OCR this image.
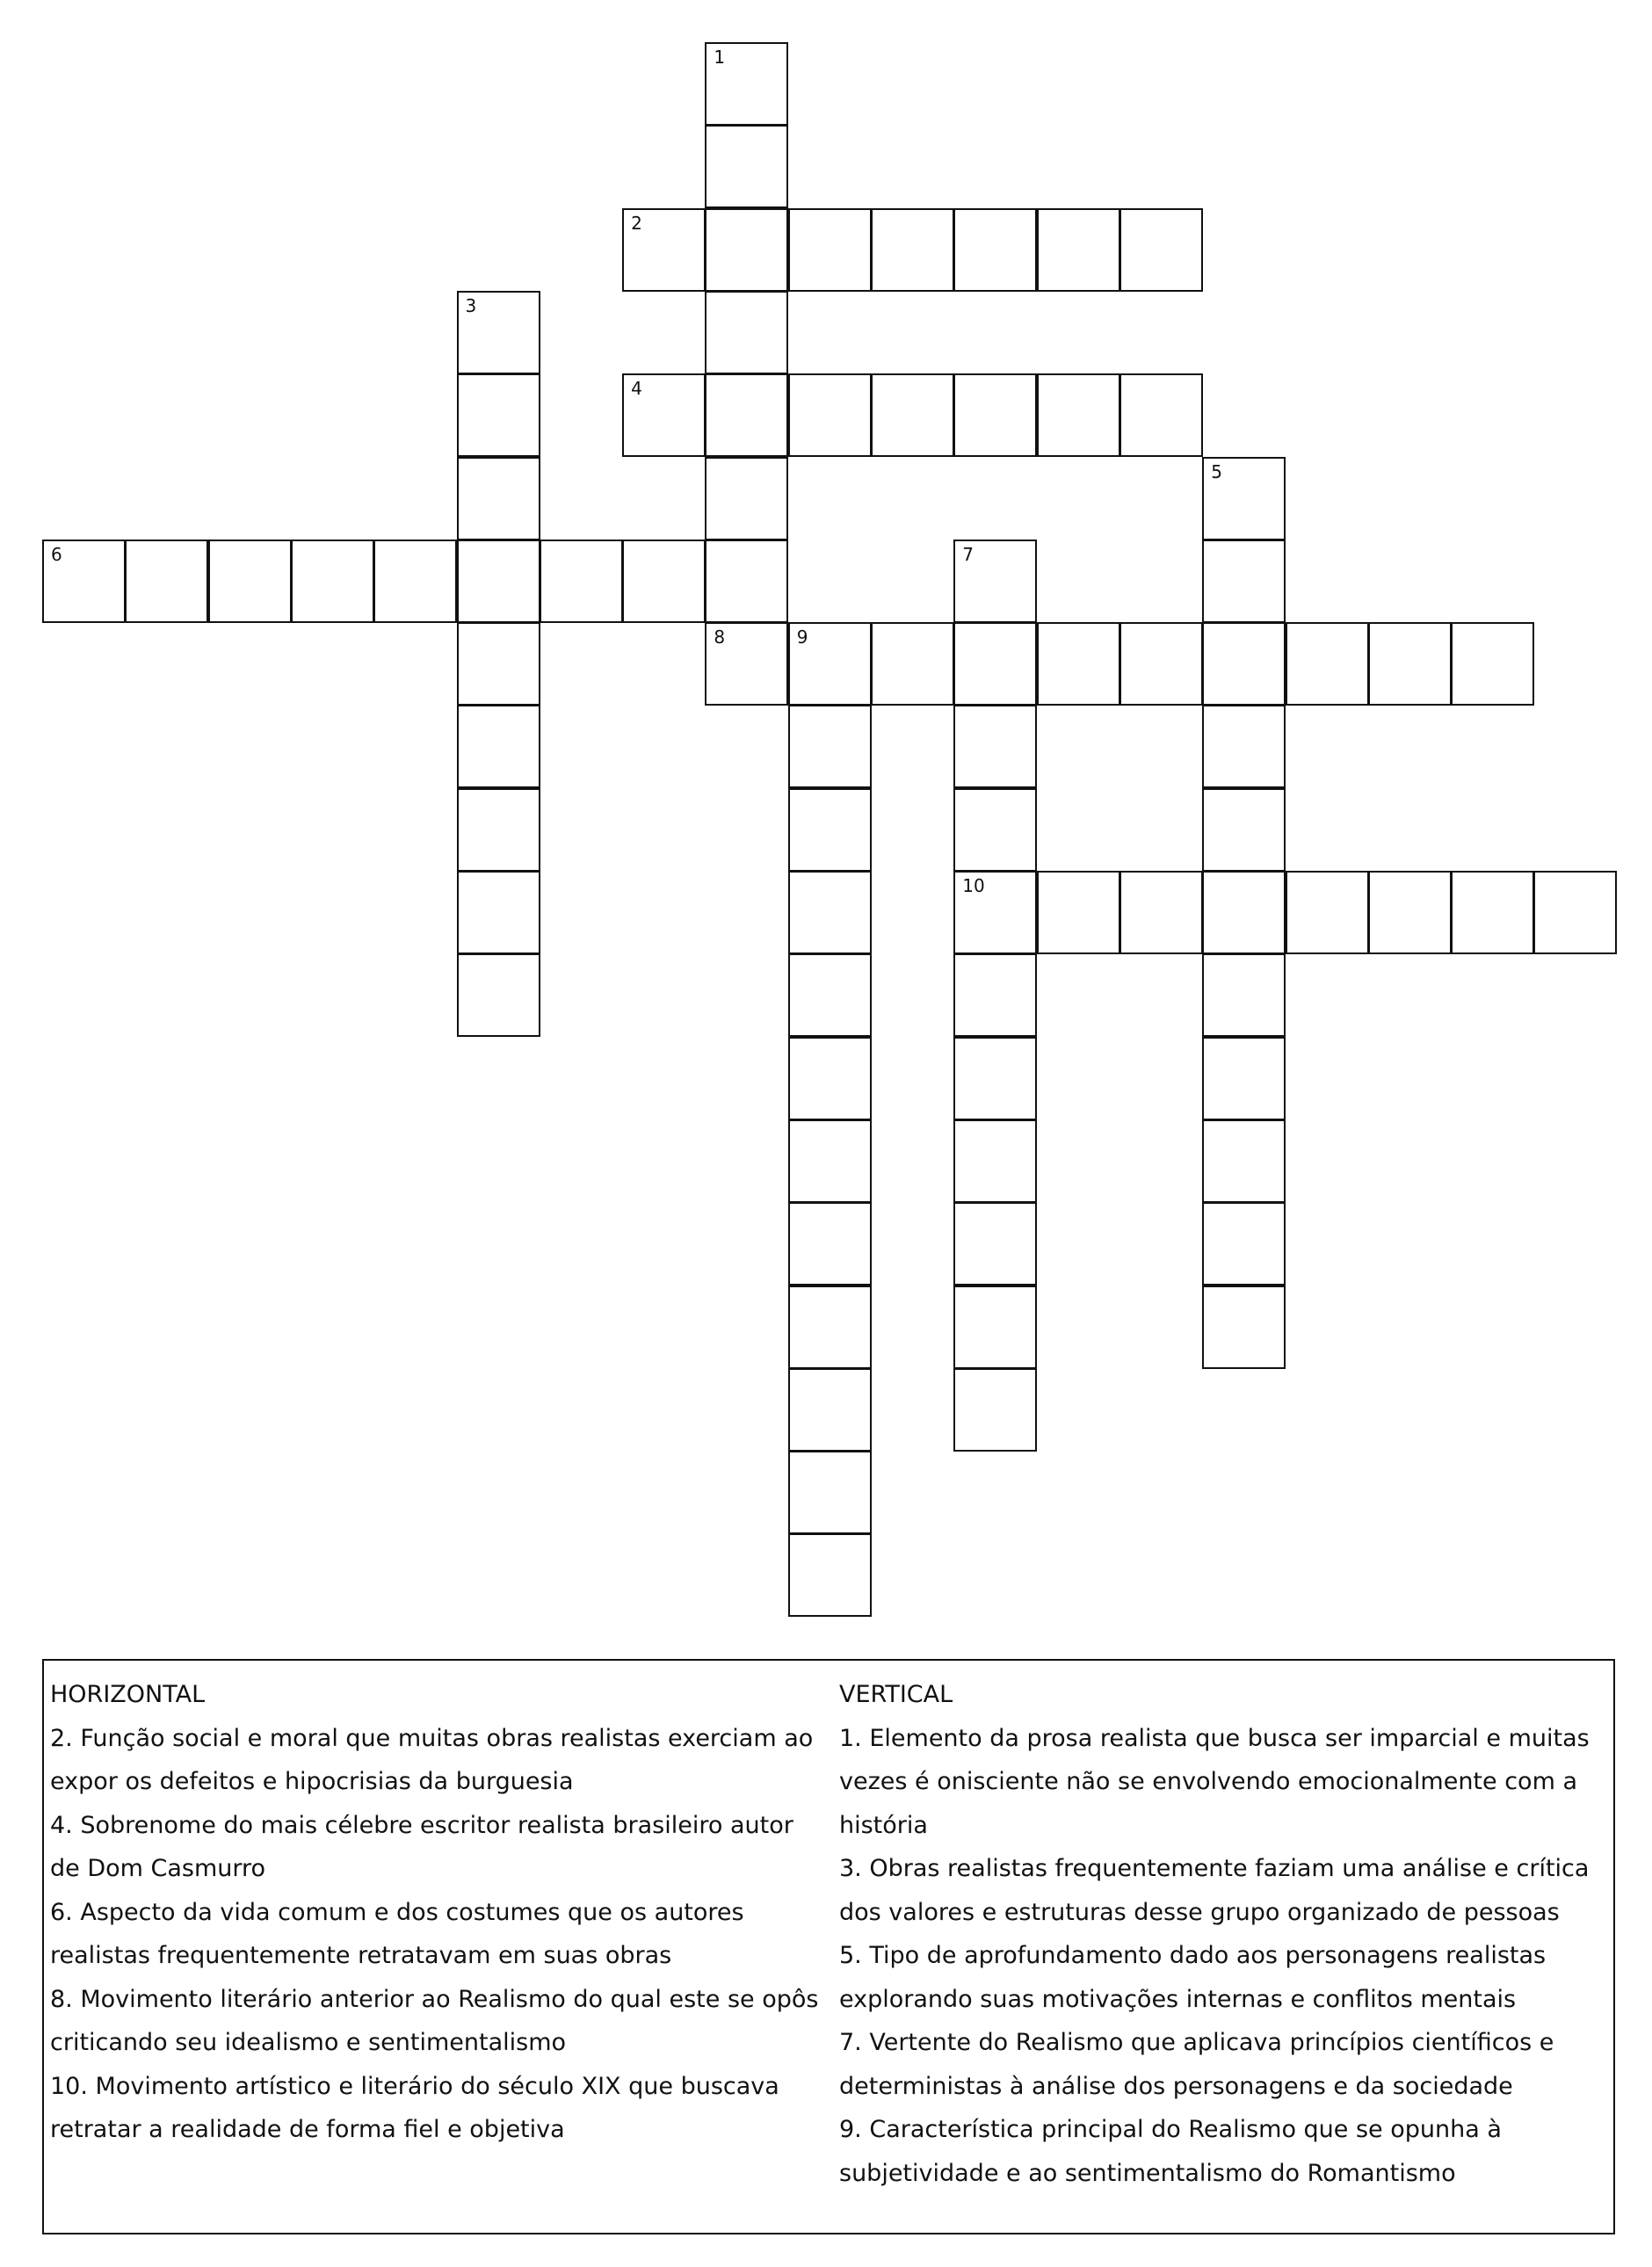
1
2
3
4
5
6	7
10
8	9

HORIZONTAL

2. Função social e moral que muitas obras realistas exerciam ao expor os defeitos e hipocrisias da burguesia

4. Sobrenome do mais célebre escritor realista brasileiro autor de Dom Casmurro

6. Aspecto da vida comum e dos costumes que os autores realistas frequentemente retratavam em suas obras

8. Movimento literário anterior ao Realismo do qual este se opôs criticando seu idealismo e sentimentalismo

10. Movimento artístico e literário do século XIX que buscava retratar a realidade de forma fiel e objetiva

VERTICAL

1. Elemento da prosa realista que busca ser imparcial e muitas vezes é onisciente não se envolvendo emocionalmente com a história

3. Obras realistas frequentemente faziam uma análise e crítica dos valores e estruturas desse grupo organizado de pessoas

5. Tipo de aprofundamento dado aos personagens realistas explorando suas motivações internas e conflitos mentais

7. Vertente do Realismo que aplicava princípios científicos e deterministas à análise dos personagens e da sociedade

9. Característica principal do Realismo que se opunha à subjetividade e ao sentimentalismo do Romantismo
